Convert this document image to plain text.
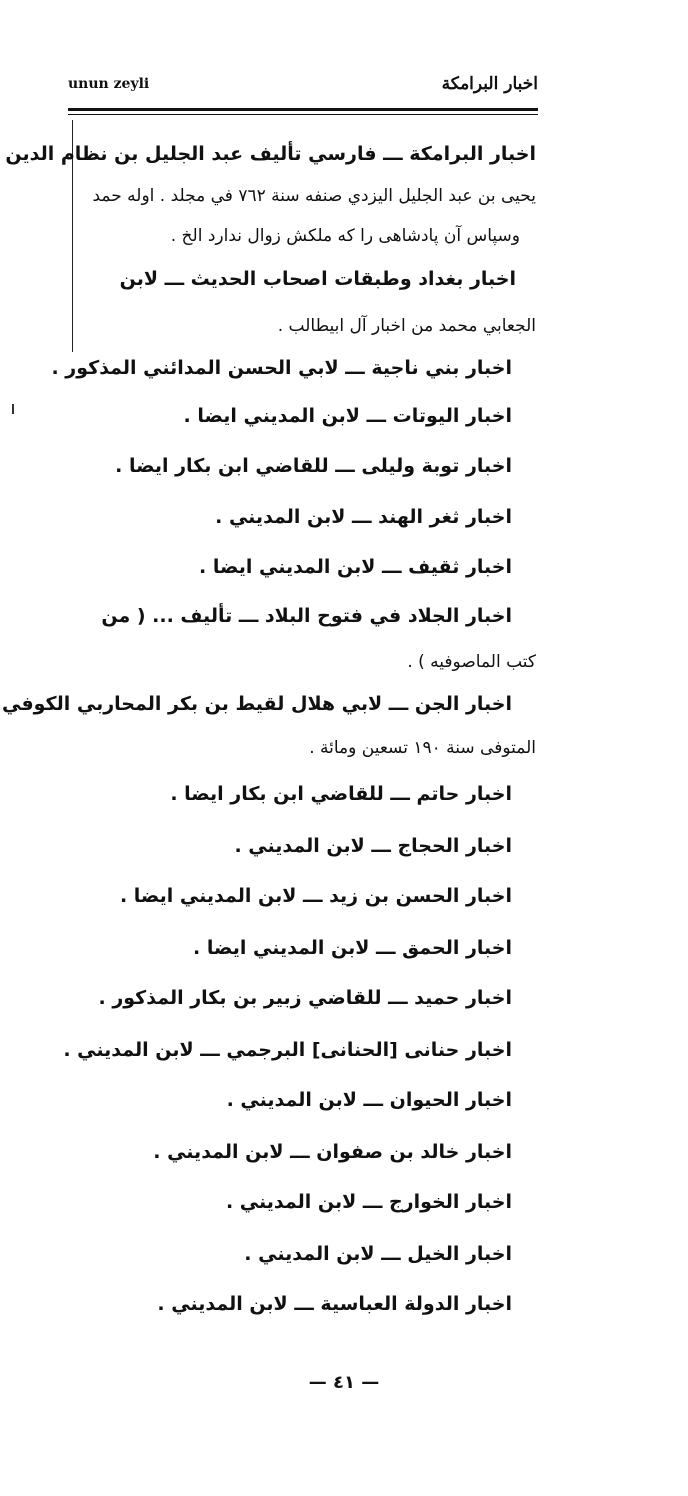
unun zeyli	اخبار البرامكة
اخبار البرامكة ـــ فارسي تأليف عبد الجليل بن نظام الدين
يحيى بن عبد الجليل اليزدي صنفه سنة ٧٦٢ في مجلد . اوله حمد
وسپاس آن پادشاهی را كه ملكش زوال ندارد الخ .
اخبار بغداد وطبقات اصحاب الحديث ـــ لابن
الجعابي محمد من اخبار آل ابيطالب .
اخبار بني ناجية ـــ لابي الحسن المدائني المذكور .
اخبار اليوتات ـــ لابن المديني ايضا .
اخبار توبة وليلى ـــ للقاضي ابن بكار ايضا .
اخبار ثغر الهند ـــ لابن المديني .
اخبار ثقيف ـــ لابن المديني ايضا .
اخبار الجلاد في فتوح البلاد ـــ تأليف ... ( من
كتب الماصوفيه ) .
اخبار الجن ـــ لابي هلال لقيط بن بكر المحاربي الكوفي
المتوفى سنة ١٩٠ تسعين ومائة .
اخبار حاتم ـــ للقاضي ابن بكار ايضا .
اخبار الحجاج ـــ لابن المديني .
اخبار الحسن بن زيد ـــ لابن المديني ايضا .
اخبار الحمق ـــ لابن المديني ايضا .
اخبار حميد ـــ للقاضي زبير بن بكار المذكور .
اخبار حنانى [الحنانى] البرجمي ـــ لابن المديني .
اخبار الحيوان ـــ لابن المديني .
اخبار خالد بن صفوان ـــ لابن المديني .
اخبار الخوارج ـــ لابن المديني .
اخبار الخيل ـــ لابن المديني .
اخبار الدولة العباسية ـــ لابن المديني .
— ٤١ —
